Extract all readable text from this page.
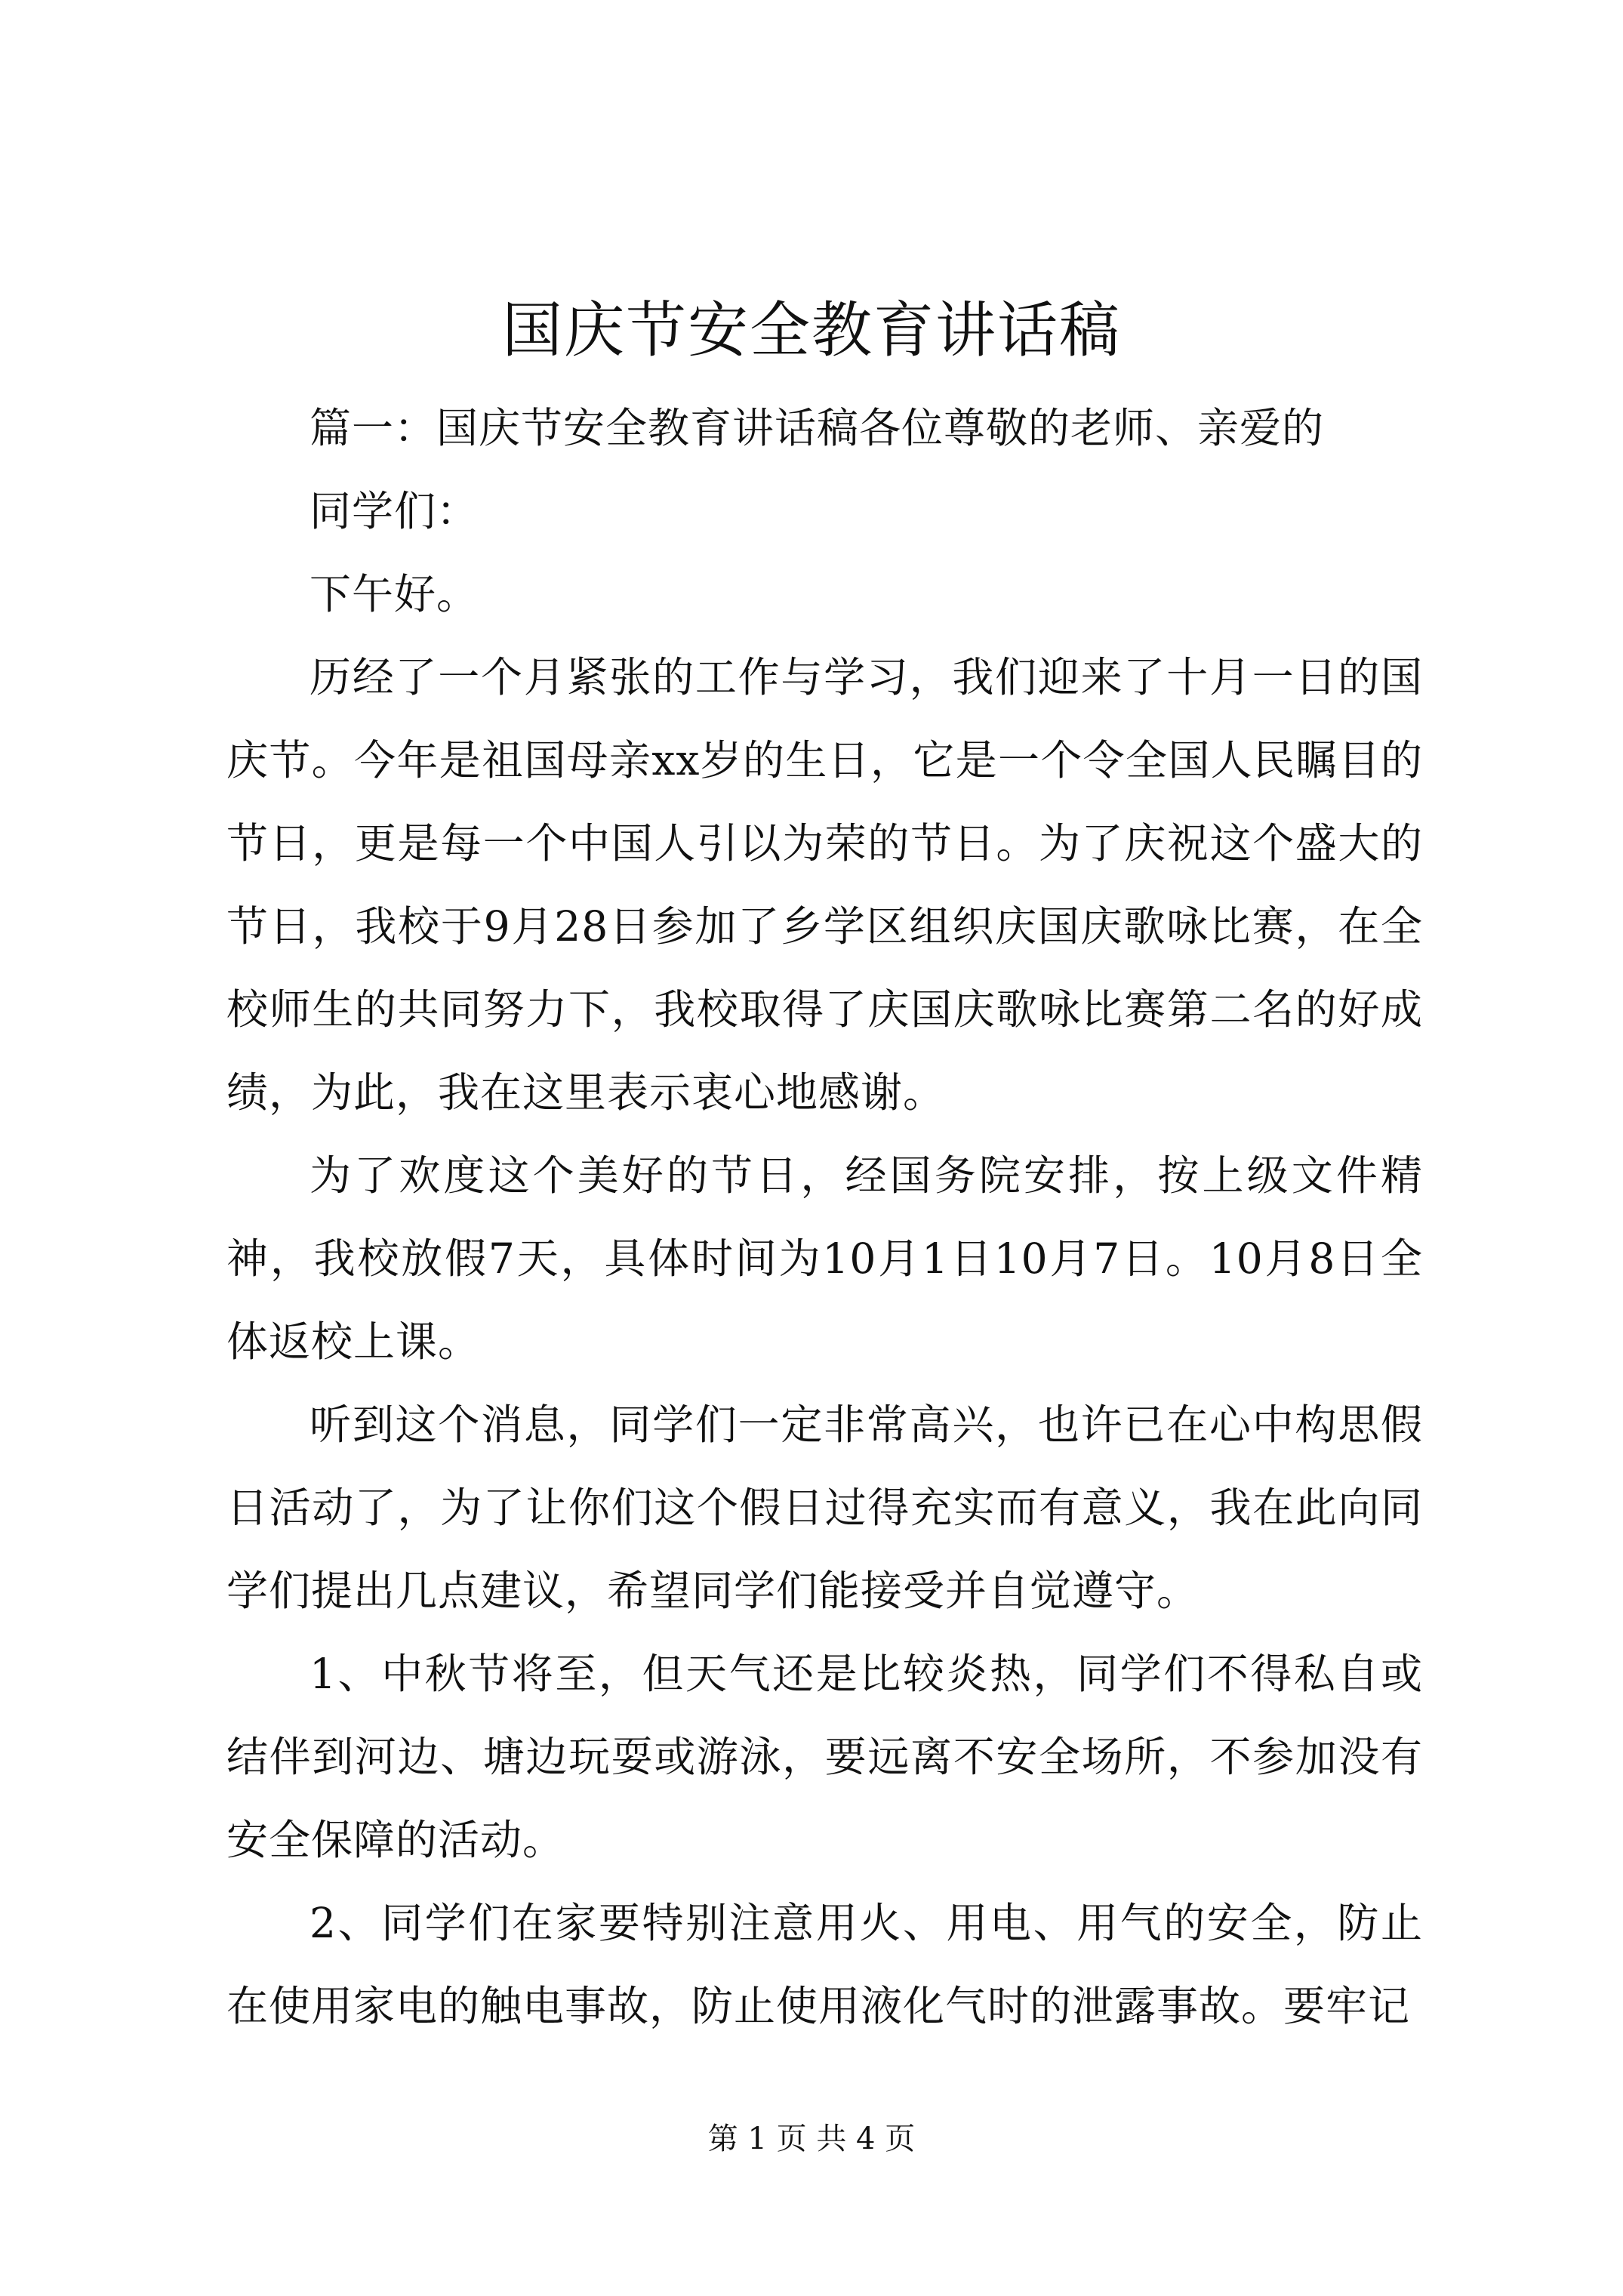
国庆节安全教育讲话稿

篇一：国庆节安全教育讲话稿各位尊敬的老师、亲爱的

同学们：

下午好。

历经了一个月紧张的工作与学习，我们迎来了十月一日的国庆节。今年是祖国母亲xx岁的生日，它是一个令全国人民瞩目的节日，更是每一个中国人引以为荣的节日。为了庆祝这个盛大的节日，我校于9月28日参加了乡学区组织庆国庆歌咏比赛，在全校师生的共同努力下，我校取得了庆国庆歌咏比赛第二名的好成绩，为此，我在这里表示衷心地感谢。

为了欢度这个美好的节日，经国务院安排，按上级文件精神，我校放假7天，具体时间为10月1日10月7日。10月8日全体返校上课。

听到这个消息，同学们一定非常高兴，也许已在心中构思假日活动了，为了让你们这个假日过得充实而有意义，我在此向同学们提出几点建议，希望同学们能接受并自觉遵守。

1、中秋节将至，但天气还是比较炎热，同学们不得私自或结伴到河边、塘边玩耍或游泳，要远离不安全场所，不参加没有安全保障的活动。

2、同学们在家要特别注意用火、用电、用气的安全，防止在使用家电的触电事故，防止使用液化气时的泄露事故。要牢记

第 1 页 共 4 页
